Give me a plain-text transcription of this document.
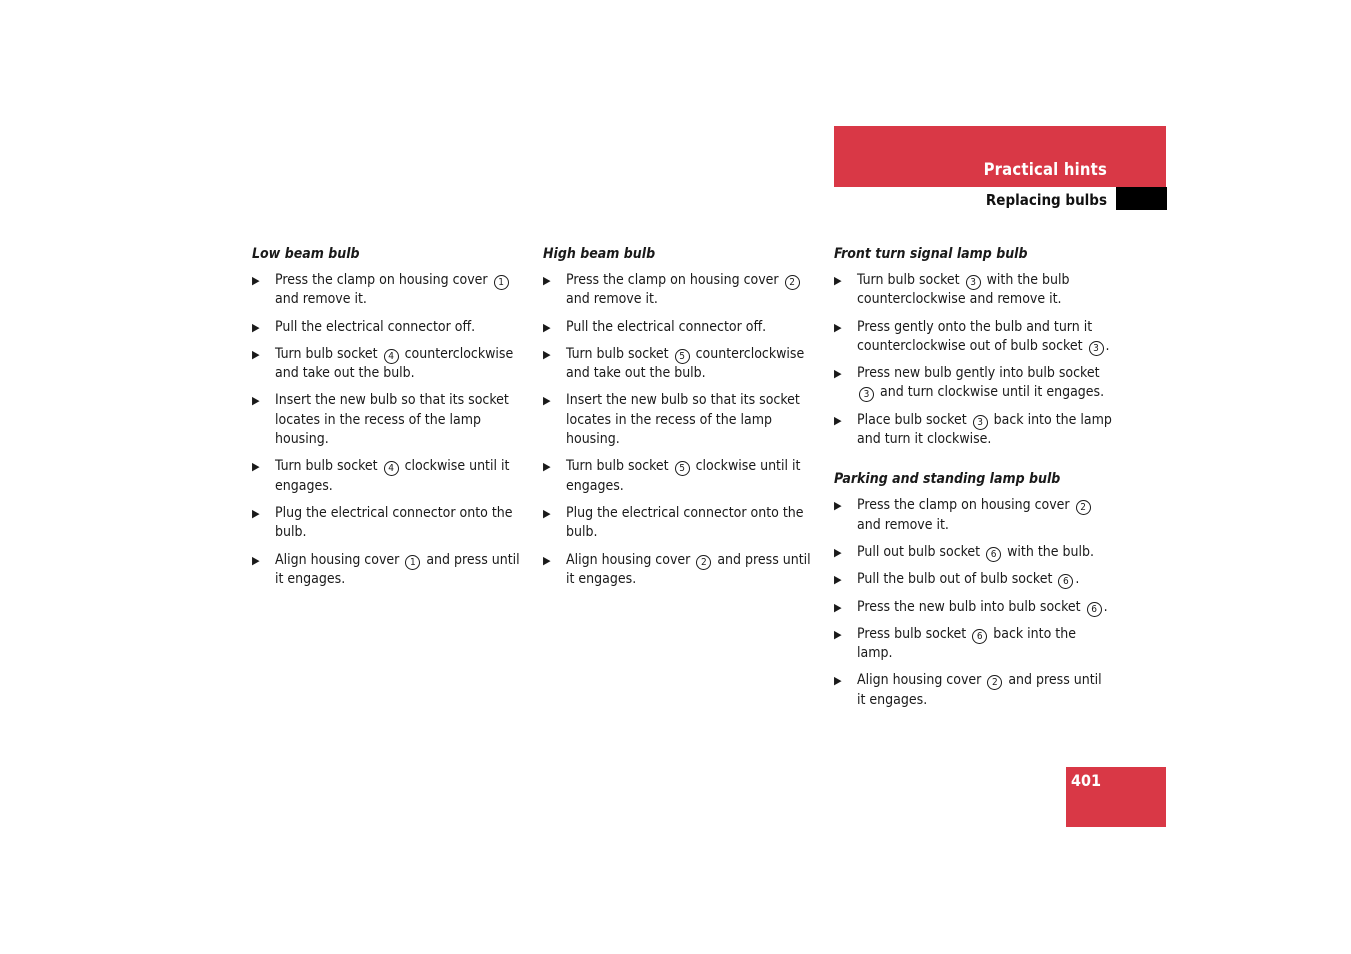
Practical hints
Replacing bulbs
Low beam bulb
▶ Press the clamp on housing cover 1 and remove it.
▶ Pull the electrical connector off.
▶ Turn bulb socket 4 counterclockwise and take out the bulb.
▶ Insert the new bulb so that its socket locates in the recess of the lamp housing.
▶ Turn bulb socket 4 clockwise until it engages.
▶ Plug the electrical connector onto the bulb.
▶ Align housing cover 1 and press until it engages.
High beam bulb
▶ Press the clamp on housing cover 2 and remove it.
▶ Pull the electrical connector off.
▶ Turn bulb socket 5 counterclockwise and take out the bulb.
▶ Insert the new bulb so that its socket locates in the recess of the lamp housing.
▶ Turn bulb socket 5 clockwise until it engages.
▶ Plug the electrical connector onto the bulb.
▶ Align housing cover 2 and press until it engages.
Front turn signal lamp bulb
▶ Turn bulb socket 3 with the bulb counterclockwise and remove it.
▶ Press gently onto the bulb and turn it counterclockwise out of bulb socket 3 .
▶ Press new bulb gently into bulb socket 3 and turn clockwise until it engages.
▶ Place bulb socket 3 back into the lamp and turn it clockwise.
Parking and standing lamp bulb
▶ Press the clamp on housing cover 2 and remove it.
▶ Pull out bulb socket 6 with the bulb.
▶ Pull the bulb out of bulb socket 6 .
▶ Press the new bulb into bulb socket 6 .
▶ Press bulb socket 6 back into the lamp.
▶ Align housing cover 2 and press until it engages.
401
